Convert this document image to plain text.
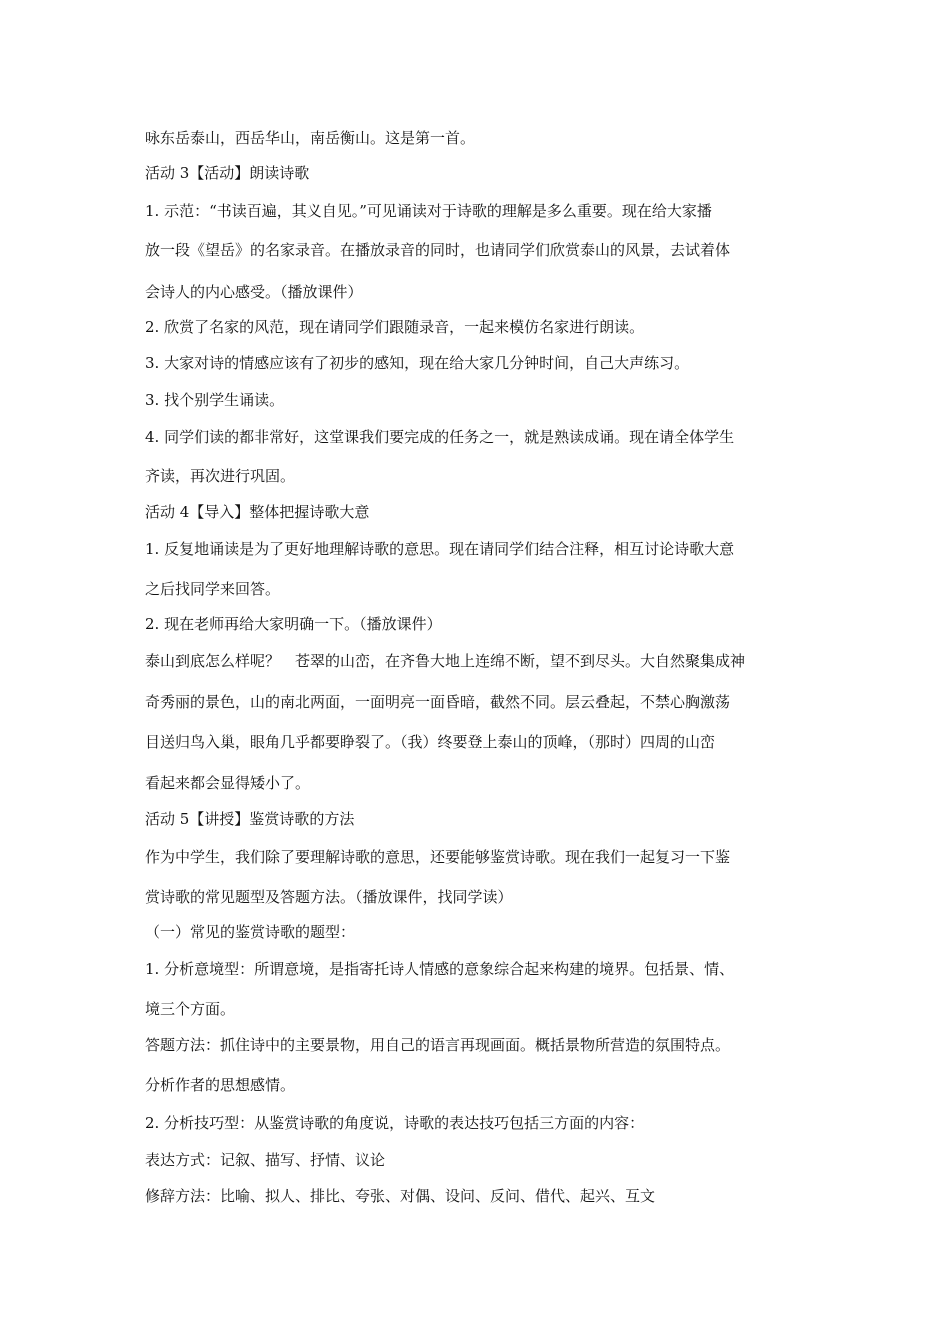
咏东岳泰山，西岳华山，南岳衡山。这是第一首。
活动 3【活动】朗读诗歌
1. 示范：“书读百遍，其义自见。”可见诵读对于诗歌的理解是多么重要。现在给大家播
放一段《望岳》的名家录音。在播放录音的同时，也请同学们欣赏泰山的风景，去试着体
会诗人的内心感受。（播放课件）
2. 欣赏了名家的风范，现在请同学们跟随录音，一起来模仿名家进行朗读。
3. 大家对诗的情感应该有了初步的感知，现在给大家几分钟时间，自己大声练习。
3. 找个别学生诵读。
4. 同学们读的都非常好，这堂课我们要完成的任务之一，就是熟读成诵。现在请全体学生
齐读，再次进行巩固。
活动 4【导入】整体把握诗歌大意
1. 反复地诵读是为了更好地理解诗歌的意思。现在请同学们结合注释，相互讨论诗歌大意
之后找同学来回答。
2. 现在老师再给大家明确一下。（播放课件）
泰山到底怎么样呢？　苍翠的山峦，在齐鲁大地上连绵不断，望不到尽头。大自然聚集成神
奇秀丽的景色，山的南北两面，一面明亮一面昏暗，截然不同。层云叠起，不禁心胸激荡
目送归鸟入巢，眼角几乎都要睁裂了。（我）终要登上泰山的顶峰，（那时）四周的山峦
看起来都会显得矮小了。
活动 5【讲授】鉴赏诗歌的方法
作为中学生，我们除了要理解诗歌的意思，还要能够鉴赏诗歌。现在我们一起复习一下鉴
赏诗歌的常见题型及答题方法。（播放课件，找同学读）
（一）常见的鉴赏诗歌的题型：
1. 分析意境型：所谓意境，是指寄托诗人情感的意象综合起来构建的境界。包括景、情、
境三个方面。
答题方法：抓住诗中的主要景物，用自己的语言再现画面。概括景物所营造的氛围特点。
分析作者的思想感情。
2. 分析技巧型：从鉴赏诗歌的角度说，诗歌的表达技巧包括三方面的内容：
表达方式：记叙、描写、抒情、议论
修辞方法：比喻、拟人、排比、夸张、对偶、设问、反问、借代、起兴、互文
